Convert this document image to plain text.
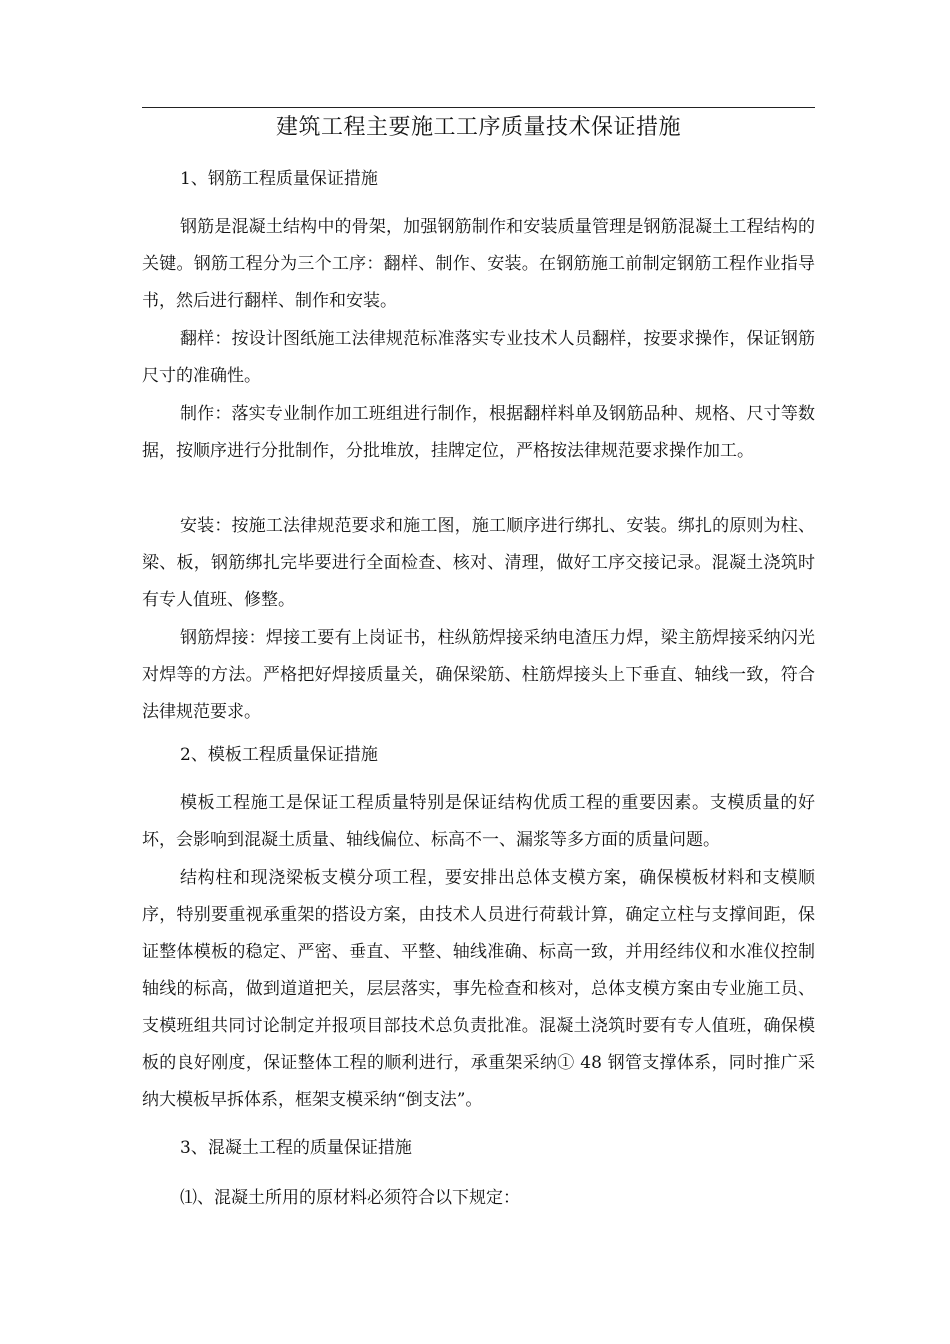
建筑工程主要施工工序质量技术保证措施
1、钢筋工程质量保证措施
钢筋是混凝土结构中的骨架，加强钢筋制作和安装质量管理是钢筋混凝土工程结构的关键。钢筋工程分为三个工序：翻样、制作、安装。在钢筋施工前制定钢筋工程作业指导书，然后进行翻样、制作和安装。
翻样：按设计图纸施工法律规范标准落实专业技术人员翻样，按要求操作，保证钢筋尺寸的准确性。
制作：落实专业制作加工班组进行制作，根据翻样料单及钢筋品种、规格、尺寸等数据，按顺序进行分批制作，分批堆放，挂牌定位，严格按法律规范要求操作加工。
安装：按施工法律规范要求和施工图，施工顺序进行绑扎、安装。绑扎的原则为柱、梁、板，钢筋绑扎完毕要进行全面检查、核对、清理，做好工序交接记录。混凝土浇筑时有专人值班、修整。
钢筋焊接：焊接工要有上岗证书，柱纵筋焊接采纳电渣压力焊，梁主筋焊接采纳闪光对焊等的方法。严格把好焊接质量关，确保梁筋、柱筋焊接头上下垂直、轴线一致，符合法律规范要求。
2、模板工程质量保证措施
模板工程施工是保证工程质量特别是保证结构优质工程的重要因素。支模质量的好坏，会影响到混凝土质量、轴线偏位、标高不一、漏浆等多方面的质量问题。
结构柱和现浇梁板支模分项工程，要安排出总体支模方案，确保模板材料和支模顺序，特别要重视承重架的搭设方案，由技术人员进行荷载计算，确定立柱与支撑间距，保证整体模板的稳定、严密、垂直、平整、轴线准确、标高一致，并用经纬仪和水准仪控制轴线的标高，做到道道把关，层层落实，事先检查和核对，总体支模方案由专业施工员、支模班组共同讨论制定并报项目部技术总负责批准。混凝土浇筑时要有专人值班，确保模板的良好刚度，保证整体工程的顺利进行，承重架采纳① 48 钢管支撑体系，同时推广采纳大模板早拆体系，框架支模采纳“倒支法”。
3、混凝土工程的质量保证措施
⑴、混凝土所用的原材料必须符合以下规定：
